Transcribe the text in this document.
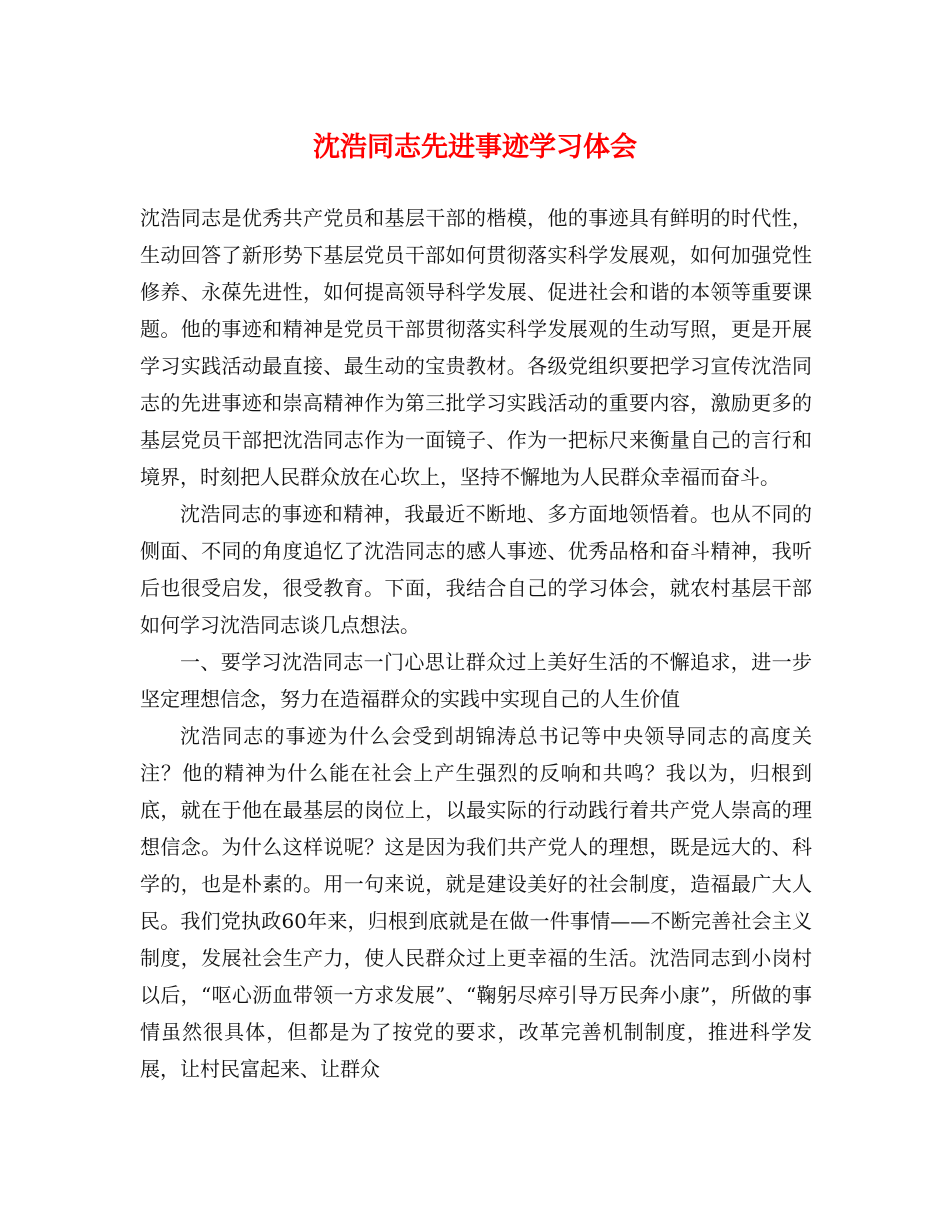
沈浩同志先进事迹学习体会

沈浩同志是优秀共产党员和基层干部的楷模，他的事迹具有鲜明的时代性，生动回答了新形势下基层党员干部如何贯彻落实科学发展观，如何加强党性修养、永葆先进性，如何提高领导科学发展、促进社会和谐的本领等重要课题。他的事迹和精神是党员干部贯彻落实科学发展观的生动写照，更是开展学习实践活动最直接、最生动的宝贵教材。各级党组织要把学习宣传沈浩同志的先进事迹和崇高精神作为第三批学习实践活动的重要内容，激励更多的基层党员干部把沈浩同志作为一面镜子、作为一把标尺来衡量自己的言行和境界，时刻把人民群众放在心坎上，坚持不懈地为人民群众幸福而奋斗。

沈浩同志的事迹和精神，我最近不断地、多方面地领悟着。也从不同的侧面、不同的角度追忆了沈浩同志的感人事迹、优秀品格和奋斗精神，我听后也很受启发，很受教育。下面，我结合自己的学习体会，就农村基层干部如何学习沈浩同志谈几点想法。

一、要学习沈浩同志一门心思让群众过上美好生活的不懈追求，进一步坚定理想信念，努力在造福群众的实践中实现自己的人生价值

沈浩同志的事迹为什么会受到胡锦涛总书记等中央领导同志的高度关注？他的精神为什么能在社会上产生强烈的反响和共鸣？我以为，归根到底，就在于他在最基层的岗位上，以最实际的行动践行着共产党人崇高的理想信念。为什么这样说呢？这是因为我们共产党人的理想，既是远大的、科学的，也是朴素的。用一句来说，就是建设美好的社会制度，造福最广大人民。我们党执政60年来，归根到底就是在做一件事情——不断完善社会主义制度，发展社会生产力，使人民群众过上更幸福的生活。沈浩同志到小岗村以后，“呕心沥血带领一方求发展”、“鞠躬尽瘁引导万民奔小康”，所做的事情虽然很具体，但都是为了按党的要求，改革完善机制制度，推进科学发展，让村民富起来、让群众
